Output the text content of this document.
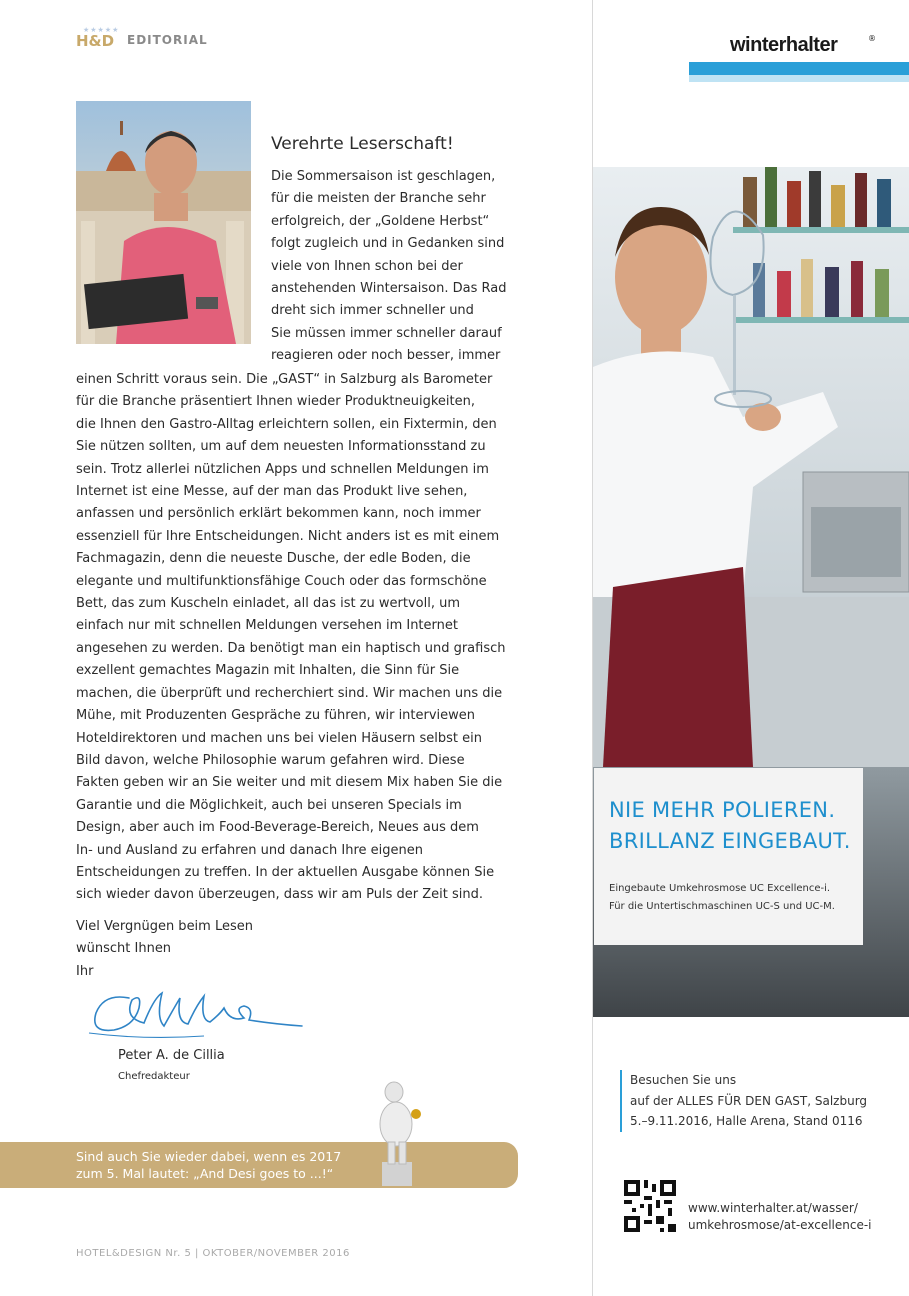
★★★★★
H&D EDITORIAL
Verehrte Leserschaft!
Die Sommersaison ist geschlagen,
für die meisten der Branche sehr
erfolgreich, der „Goldene Herbst“
folgt zugleich und in Gedanken sind
viele von Ihnen schon bei der
anstehenden Wintersaison. Das Rad
dreht sich immer schneller und
Sie müssen immer schneller darauf
reagieren oder noch besser, immer
einen Schritt voraus sein. Die „GAST“ in Salzburg als Barometer
für die Branche präsentiert Ihnen wieder Produktneuigkeiten,
die Ihnen den Gastro-Alltag erleichtern sollen, ein Fixtermin, den
Sie nützen sollten, um auf dem neuesten Informationsstand zu
sein. Trotz allerlei nützlichen Apps und schnellen Meldungen im
Internet ist eine Messe, auf der man das Produkt live sehen,
anfassen und persönlich erklärt bekommen kann, noch immer
essenziell für Ihre Entscheidungen. Nicht anders ist es mit einem
Fachmagazin, denn die neueste Dusche, der edle Boden, die
elegante und multifunktionsfähige Couch oder das formschöne
Bett, das zum Kuscheln einladet, all das ist zu wertvoll, um
einfach nur mit schnellen Meldungen versehen im Internet
angesehen zu werden. Da benötigt man ein haptisch und grafisch
exzellent gemachtes Magazin mit Inhalten, die Sinn für Sie
machen, die überprüft und recherchiert sind. Wir machen uns die
Mühe, mit Produzenten Gespräche zu führen, wir interviewen
Hoteldirektoren und machen uns bei vielen Häusern selbst ein
Bild davon, welche Philosophie warum gefahren wird. Diese
Fakten geben wir an Sie weiter und mit diesem Mix haben Sie die
Garantie und die Möglichkeit, auch bei unseren Specials im
Design, aber auch im Food-Beverage-Bereich, Neues aus dem
In- und Ausland zu erfahren und danach Ihre eigenen
Entscheidungen zu treffen. In der aktuellen Ausgabe können Sie
sich wieder davon überzeugen, dass wir am Puls der Zeit sind.
Viel Vergnügen beim Lesen
wünscht Ihnen
Ihr
Peter A. de Cillia
Chefredakteur
Sind auch Sie wieder dabei, wenn es 2017
zum 5. Mal lautet: „And Desi goes to ...!“
HOTEL&DESIGN Nr. 5 | OKTOBER/NOVEMBER 2016
winterhalter	®
NIE MEHR POLIEREN.
BRILLANZ EINGEBAUT.
Eingebaute Umkehrosmose UC Excellence-i.
Für die Untertischmaschinen UC-S und UC-M.
Besuchen Sie uns
auf der ALLES FÜR DEN GAST, Salzburg
5.–9.11.2016, Halle Arena, Stand 0116
www.winterhalter.at/wasser/
umkehrosmose/at-excellence-i
